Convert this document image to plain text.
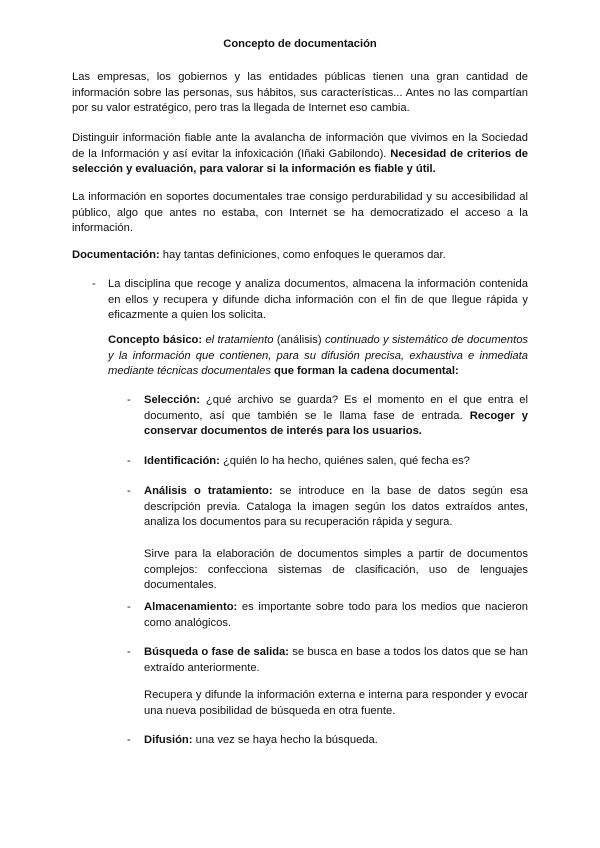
Concepto de documentación

Las empresas, los gobiernos y las entidades públicas tienen una gran cantidad de información sobre las personas, sus hábitos, sus características... Antes no las compartían por su valor estratégico, pero tras la llegada de Internet eso cambia.

Distinguir información fiable ante la avalancha de información que vivimos en la Sociedad de la Información y así evitar la infoxicación (Iñaki Gabilondo). Necesidad de criterios de selección y evaluación, para valorar si la información es fiable y útil.

La información en soportes documentales trae consigo perdurabilidad y su accesibilidad al público, algo que antes no estaba, con Internet se ha democratizado el acceso a la información.

Documentación: hay tantas definiciones, como enfoques le queramos dar.

- La disciplina que recoge y analiza documentos, almacena la información contenida en ellos y recupera y difunde dicha información con el fin de que llegue rápida y eficazmente a quien los solicita.

Concepto básico: el tratamiento (análisis) continuado y sistemático de documentos y la información que contienen, para su difusión precisa, exhaustiva e inmediata mediante técnicas documentales que forman la cadena documental:

- Selección: ¿qué archivo se guarda? Es el momento en el que entra el documento, así que también se le llama fase de entrada. Recoger y conservar documentos de interés para los usuarios.

- Identificación: ¿quién lo ha hecho, quiénes salen, qué fecha es?

- Análisis o tratamiento: se introduce en la base de datos según esa descripción previa. Cataloga la imagen según los datos extraídos antes, analiza los documentos para su recuperación rápida y segura.

Sirve para la elaboración de documentos simples a partir de documentos complejos: confecciona sistemas de clasificación, uso de lenguajes documentales.

- Almacenamiento: es importante sobre todo para los medios que nacieron como analógicos.

- Búsqueda o fase de salida: se busca en base a todos los datos que se han extraído anteriormente.

Recupera y difunde la información externa e interna para responder y evocar una nueva posibilidad de búsqueda en otra fuente.

- Difusión: una vez se haya hecho la búsqueda.
